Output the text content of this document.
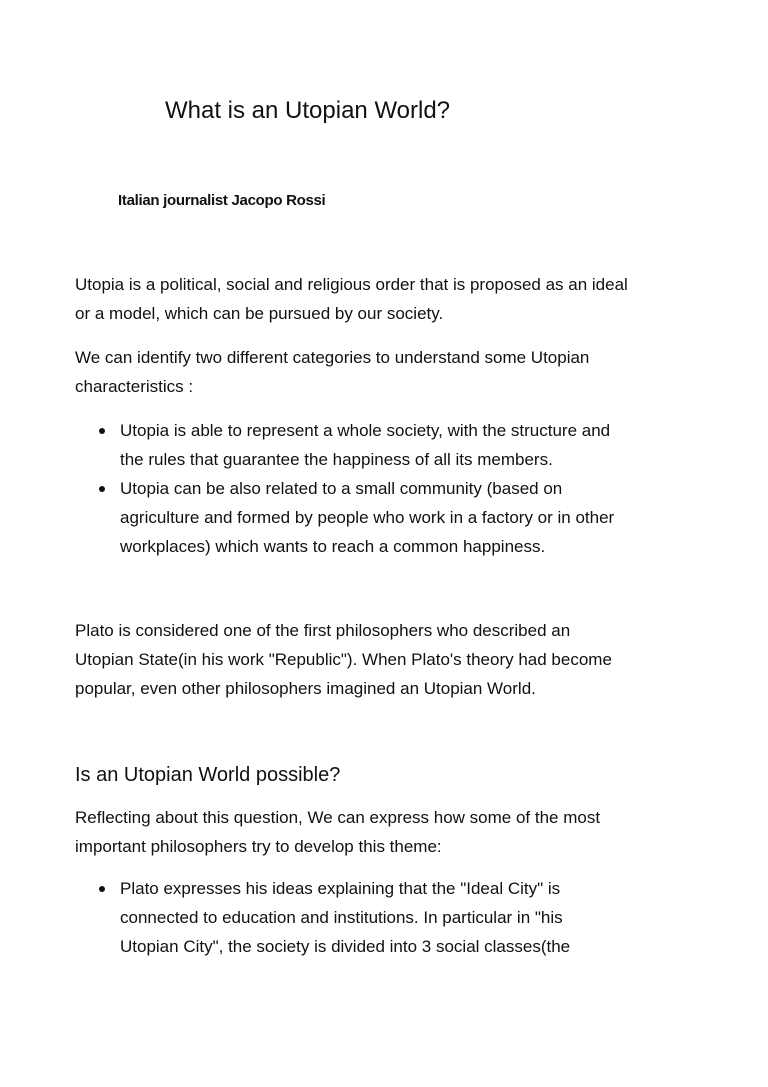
What is an Utopian World?
Italian journalist Jacopo Rossi

Utopia is a political, social and religious order that is proposed as an ideal
or a model, which can be pursued by our society.

We can identify two different categories to understand some Utopian
characteristics :

Utopia is able to represent a whole society, with the structure and
the rules that guarantee the happiness of all its members.
Utopia can be also related to a small community (based on
agriculture and formed by people who work in a factory or in other
workplaces) which wants to reach a common happiness.

Plato is considered one of the first philosophers who described an
Utopian State(in his work "Republic"). When Plato's theory had become
popular, even other philosophers imagined an Utopian World.

Is an Utopian World possible?

Reflecting about this question, We can express how some of the most
important philosophers try to develop this theme:

Plato expresses his ideas explaining that the "Ideal City" is
connected to education and institutions. In particular in "his
Utopian City", the society is divided into 3 social classes(the
